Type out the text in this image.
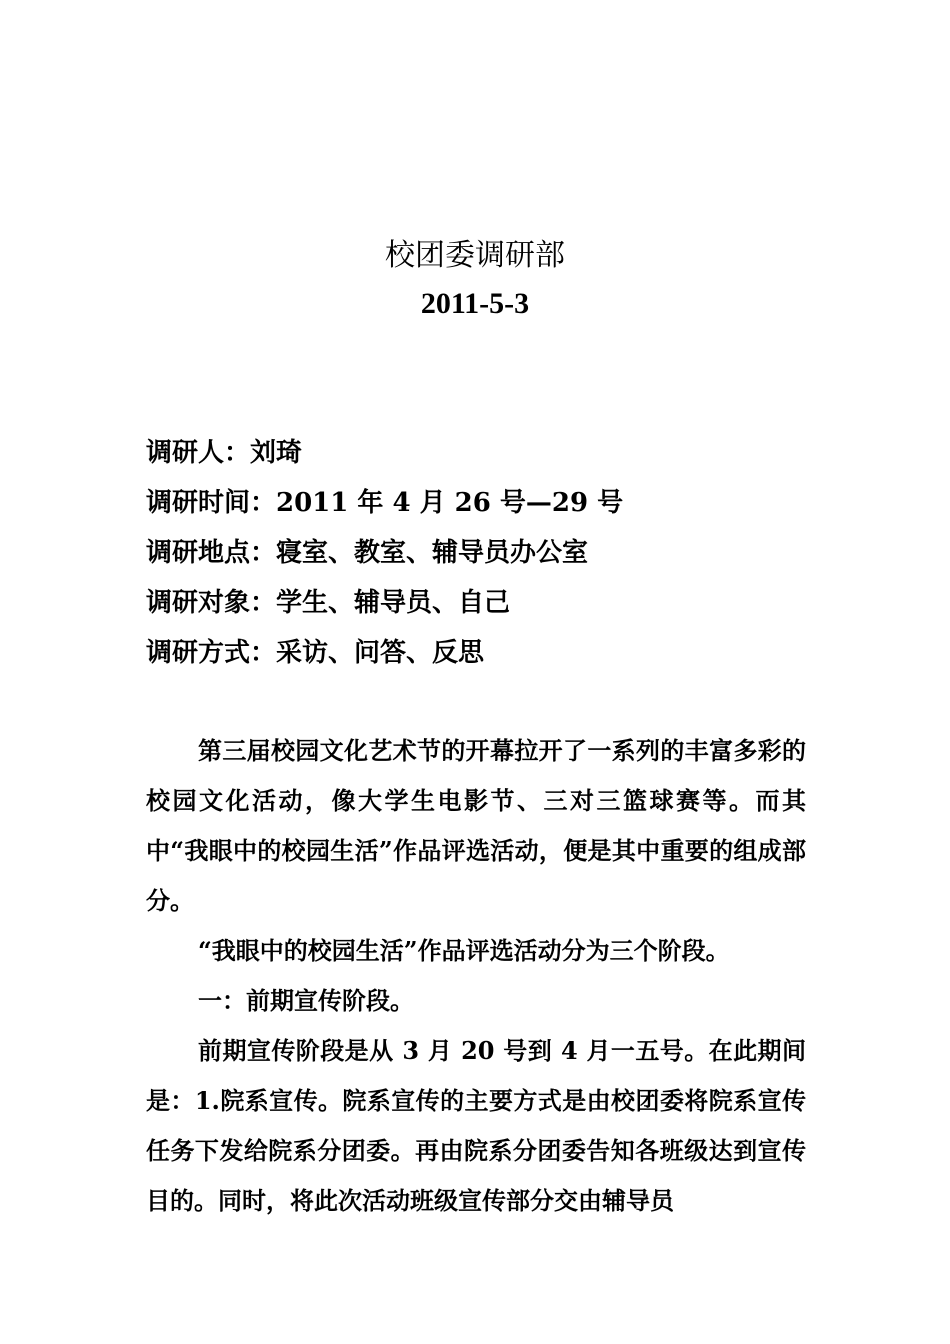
校团委调研部
2011-5-3
调研人：刘琦
调研时间：2011 年 4 月 26 号—29 号
调研地点：寝室、教室、辅导员办公室
调研对象：学生、辅导员、自己
调研方式：采访、问答、反思

第三届校园文化艺术节的开幕拉开了一系列的丰富多彩的校园文化活动，像大学生电影节、三对三篮球赛等。而其中“我眼中的校园生活”作品评选活动，便是其中重要的组成部分。

“我眼中的校园生活”作品评选活动分为三个阶段。

一：前期宣传阶段。

前期宣传阶段是从 3 月 20 号到 4 月一五号。在此期间是：1.院系宣传。院系宣传的主要方式是由校团委将院系宣传任务下发给院系分团委。再由院系分团委告知各班级达到宣传目的。同时，将此次活动班级宣传部分交由辅导员
